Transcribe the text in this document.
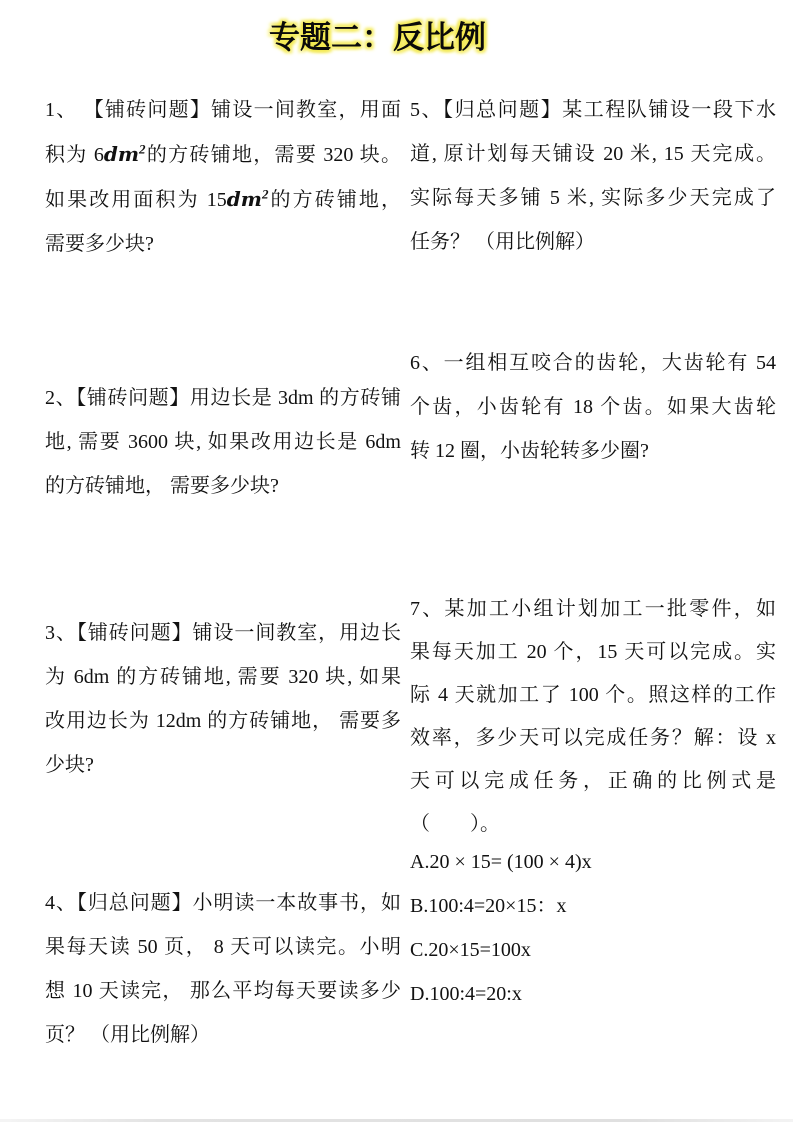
专题二：反比例
1、 【铺砖问题】铺设一间教室，用面
积为 $6dm^2$的方砖铺地，需要 320 块。
如果改用面积为 $15dm^2$的方砖铺地，
需要多少块?
2、【铺砖问题】用边长是 3dm 的方砖铺
地, 需要 3600 块, 如果改用边长是 6dm
的方砖铺地， 需要多少块?
3、【铺砖问题】铺设一间教室，用边长
为 6dm 的方砖铺地, 需要 320 块, 如果
改用边长为 12dm 的方砖铺地， 需要多
少块?
4、【归总问题】小明读一本故事书，如
果每天读 50 页， 8 天可以读完。小明
想 10 天读完， 那么平均每天要读多少
页？ （用比例解）
5、【归总问题】某工程队铺设一段下水
道, 原计划每天铺设 20 米, 15 天完成。
实际每天多铺 5 米, 实际多少天完成了
任务？ （用比例解）
6、一组相互咬合的齿轮，大齿轮有 54
个齿，小齿轮有 18 个齿。如果大齿轮
转 12 圈，小齿轮转多少圈?
7、某加工小组计划加工一批零件，如
果每天加工 20 个，15 天可以完成。实
际 4 天就加工了 100 个。照这样的工作
效率，多少天可以完成任务？解：设 x
天可以完成任务，正确的比例式是
（　　）。
A.20 × 15= (100 × 4)x
B.100:4=20×15：x
C.20×15=100x
D.100:4=20:x
